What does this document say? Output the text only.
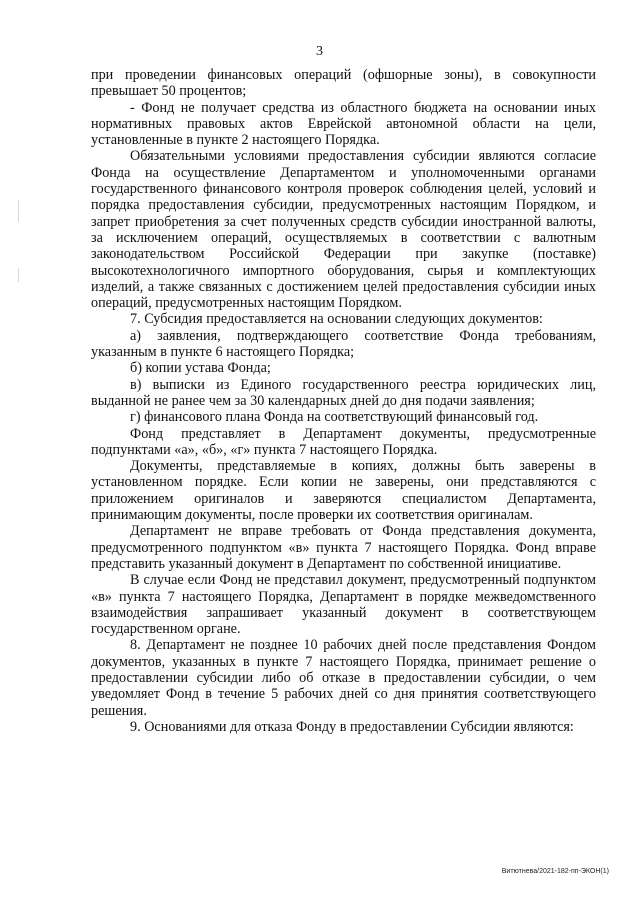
3

при проведении финансовых операций (офшорные зоны), в совокупности превышает 50 процентов;

- Фонд не получает средства из областного бюджета на основании иных нормативных правовых актов Еврейской автономной области на цели, установленные в пункте 2 настоящего Порядка.

Обязательными условиями предоставления субсидии являются согласие Фонда на осуществление Департаментом и уполномоченными органами государственного финансового контроля проверок соблюдения целей, условий и порядка предоставления субсидии, предусмотренных настоящим Порядком, и запрет приобретения за счет полученных средств субсидии иностранной валюты, за исключением операций, осуществляемых в соответствии с валютным законодательством Российской Федерации при закупке (поставке) высокотехнологичного импортного оборудования, сырья и комплектующих изделий, а также связанных с достижением целей предоставления субсидии иных операций, предусмотренных настоящим Порядком.

7. Субсидия предоставляется на основании следующих документов:

а) заявления, подтверждающего соответствие Фонда требованиям, указанным в пункте 6 настоящего Порядка;

б) копии устава Фонда;

в) выписки из Единого государственного реестра юридических лиц, выданной не ранее чем за 30 календарных дней до дня подачи заявления;

г) финансового плана Фонда на соответствующий финансовый год.

Фонд представляет в Департамент документы, предусмотренные подпунктами «а», «б», «г» пункта 7 настоящего Порядка.

Документы, представляемые в копиях, должны быть заверены в установленном порядке. Если копии не заверены, они представляются с приложением оригиналов и заверяются специалистом Департамента, принимающим документы, после проверки их соответствия оригиналам.

Департамент не вправе требовать от Фонда представления документа, предусмотренного подпунктом «в» пункта 7 настоящего Порядка. Фонд вправе представить указанный документ в Департамент по собственной инициативе.

В случае если Фонд не представил документ, предусмотренный подпунктом «в» пункта 7 настоящего Порядка, Департамент в порядке межведомственного взаимодействия запрашивает указанный документ в соответствующем государственном органе.

8. Департамент не позднее 10 рабочих дней после представления Фондом документов, указанных в пункте 7 настоящего Порядка, принимает решение о предоставлении субсидии либо об отказе в предоставлении субсидии, о чем уведомляет Фонд в течение 5 рабочих дней со дня принятия соответствующего решения.

9. Основаниями для отказа Фонду в предоставлении Субсидии являются:

Витютнева/2021-182-пп-ЭКОН(1)
